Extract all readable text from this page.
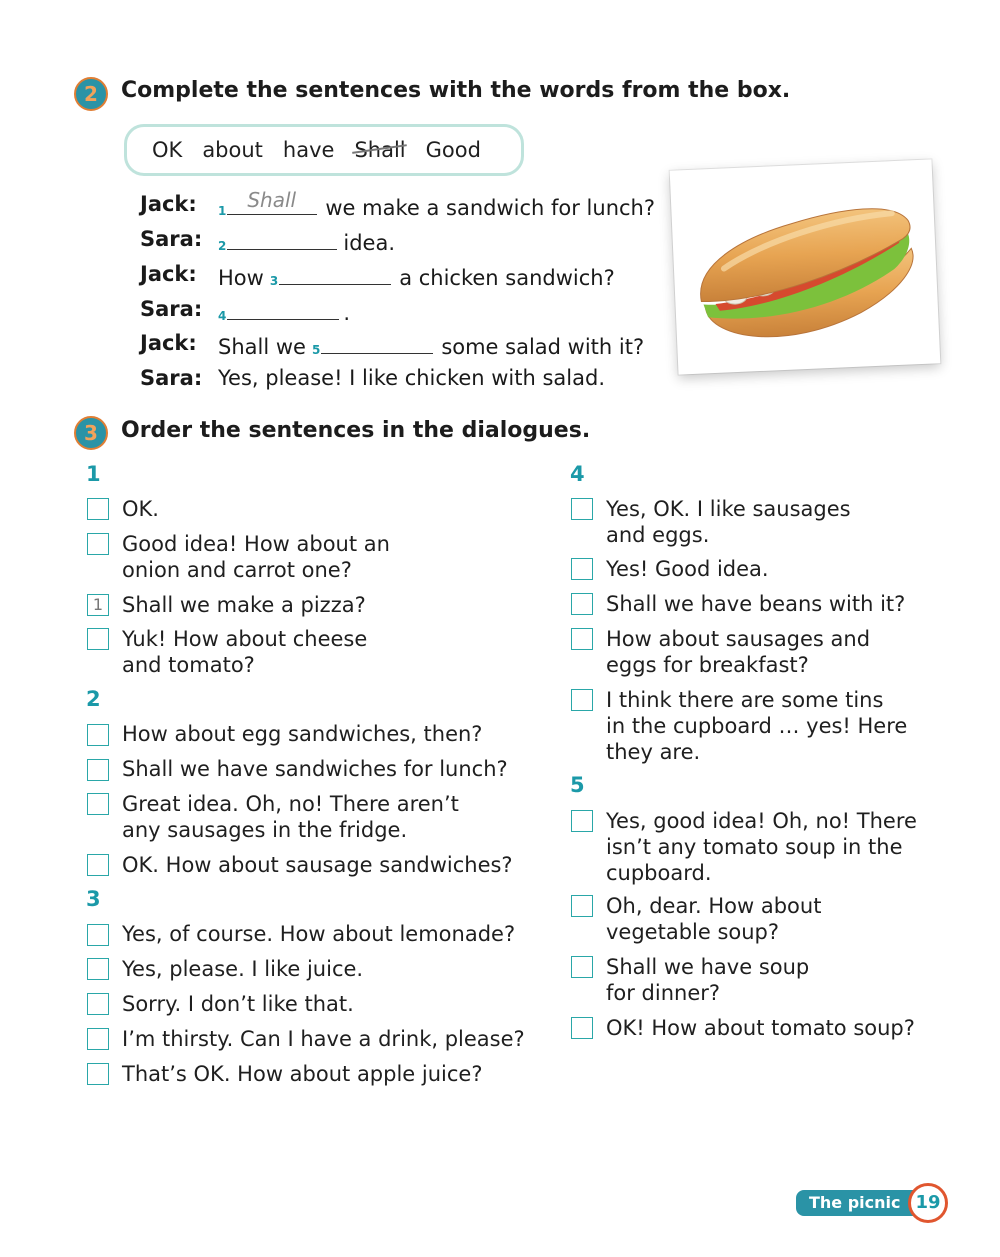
2	Complete the sentences with the words from the box.
OK about have Shall Good
Jack: 1 Shall we make a sandwich for lunch?
Sara: 2	idea.
Jack: How 3	a chicken sandwich?
Sara: 4	.
Jack: Shall we 5	some salad with it?
Sara: Yes, please! I like chicken with salad.
3	Order the sentences in the dialogues.
1
OK.
Good idea! How about an
onion and carrot one?
1 Shall we make a pizza?
Yuk! How about cheese
and tomato?
2
How about egg sandwiches, then?
Shall we have sandwiches for lunch?
Great idea. Oh, no! There aren’t
any sausages in the fridge.
OK. How about sausage sandwiches?
3
Yes, of course. How about lemonade?
Yes, please. I like juice.
Sorry. I don’t like that.
I’m thirsty. Can I have a drink, please?
That’s OK. How about apple juice?
4
Yes, OK. I like sausages
and eggs.
Yes! Good idea.
Shall we have beans with it?
How about sausages and
eggs for breakfast?
I think there are some tins
in the cupboard … yes! Here
they are.
5
Yes, good idea! Oh, no! There
isn’t any tomato soup in the
cupboard.
Oh, dear. How about
vegetable soup?
Shall we have soup
for dinner?
OK! How about tomato soup?
The picnic 19
